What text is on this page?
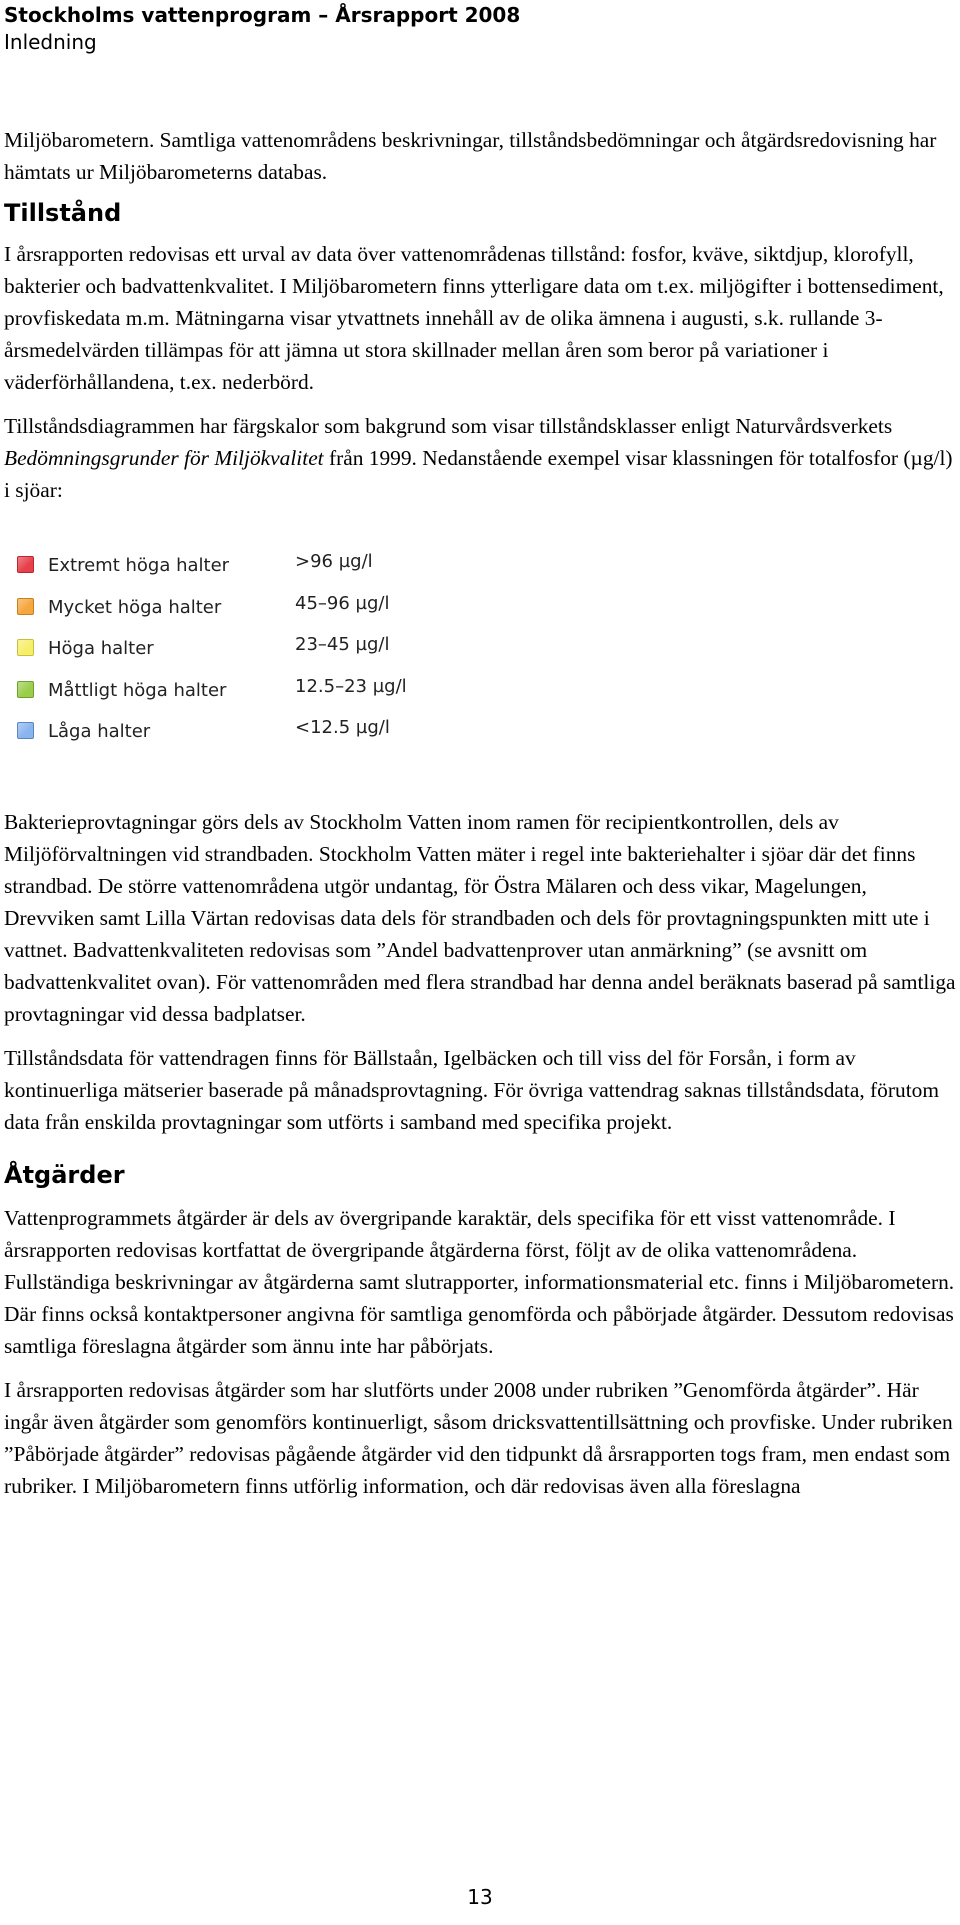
Stockholms vattenprogram – Årsrapport 2008
Inledning

Miljöbarometern. Samtliga vattenområdens beskrivningar, tillståndsbedömningar och åtgärdsredovisning har hämtats ur Miljöbarometerns databas.

Tillstånd

I årsrapporten redovisas ett urval av data över vattenområdenas tillstånd: fosfor, kväve, siktdjup, klorofyll, bakterier och badvattenkvalitet. I Miljöbarometern finns ytterligare data om t.ex. miljögifter i bottensediment, provfiskedata m.m. Mätningarna visar ytvattnets innehåll av de olika ämnena i augusti, s.k. rullande 3-årsmedelvärden tillämpas för att jämna ut stora skillnader mellan åren som beror på variationer i väderförhållandena, t.ex. nederbörd.

Tillståndsdiagrammen har färgskalor som bakgrund som visar tillståndsklasser enligt Naturvårdsverkets Bedömningsgrunder för Miljökvalitet från 1999. Nedanstående exempel visar klassningen för totalfosfor (µg/l) i sjöar:

Extremt höga halter	>96 µg/l
Mycket höga halter	45–96 µg/l
Höga halter	23–45 µg/l
Måttligt höga halter	12.5–23 µg/l
Låga halter	<12.5 µg/l

Bakterieprovtagningar görs dels av Stockholm Vatten inom ramen för recipientkontrollen, dels av Miljöförvaltningen vid strandbaden. Stockholm Vatten mäter i regel inte bakteriehalter i sjöar där det finns strandbad. De större vattenområdena utgör undantag, för Östra Mälaren och dess vikar, Magelungen, Drevviken samt Lilla Värtan redovisas data dels för strandbaden och dels för provtagningspunkten mitt ute i vattnet. Badvattenkvaliteten redovisas som ”Andel badvattenprover utan anmärkning” (se avsnitt om badvattenkvalitet ovan). För vattenområden med flera strandbad har denna andel beräknats baserad på samtliga provtagningar vid dessa badplatser.

Tillståndsdata för vattendragen finns för Bällstaån, Igelbäcken och till viss del för Forsån, i form av kontinuerliga mätserier baserade på månadsprovtagning. För övriga vattendrag saknas tillståndsdata, förutom data från enskilda provtagningar som utförts i samband med specifika projekt.

Åtgärder

Vattenprogrammets åtgärder är dels av övergripande karaktär, dels specifika för ett visst vattenområde. I årsrapporten redovisas kortfattat de övergripande åtgärderna först, följt av de olika vattenområdena. Fullständiga beskrivningar av åtgärderna samt slutrapporter, informationsmaterial etc. finns i Miljöbarometern. Där finns också kontaktpersoner angivna för samtliga genomförda och påbörjade åtgärder. Dessutom redovisas samtliga föreslagna åtgärder som ännu inte har påbörjats.

I årsrapporten redovisas åtgärder som har slutförts under 2008 under rubriken ”Genomförda åtgärder”. Här ingår även åtgärder som genomförs kontinuerligt, såsom dricksvattentillsättning och provfiske. Under rubriken ”Påbörjade åtgärder” redovisas pågående åtgärder vid den tidpunkt då årsrapporten togs fram, men endast som rubriker. I Miljöbarometern finns utförlig information, och där redovisas även alla föreslagna

13
